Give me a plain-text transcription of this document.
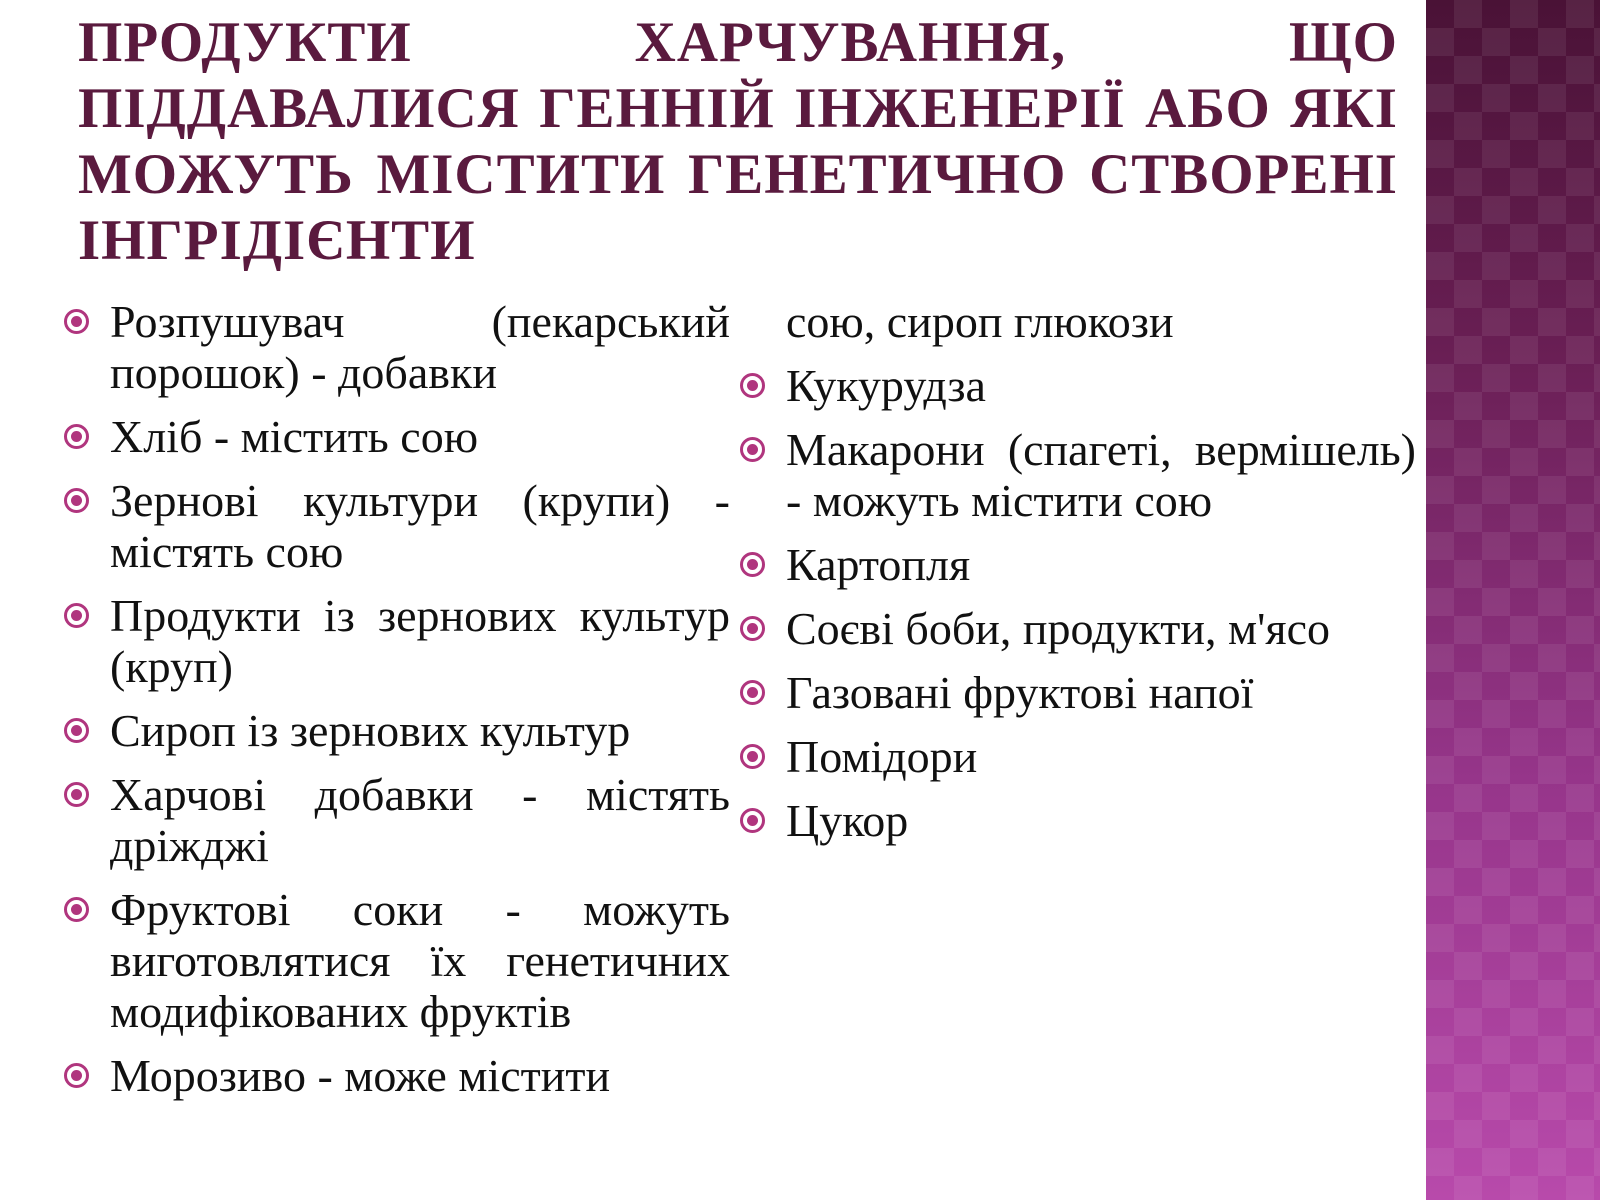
ПРОДУКТИ ХАРЧУВАННЯ, ЩО ПІДДАВАЛИСЯ ГЕННІЙ ІНЖЕНЕРІЇ АБО ЯКІ МОЖУТЬ МІСТИТИ ГЕНЕТИЧНО СТВОРЕНІ ІНГРІДІЄНТИ
Розпушувач (пекарський порошок) - добавки
Хліб - містить сою
Зернові культури (крупи) - містять сою
Продукти із зернових культур (круп)
Сироп із зернових культур
Харчові добавки - містять дріжджі
Фруктові соки - можуть виготовлятися їх генетичних модифікованих фруктів
Морозиво - може містити
сою, сироп глюкози
Кукурудза
Макарони (спагеті, вермішель) - можуть містити сою
Картопля
Соєві боби, продукти, м'ясо
Газовані фруктові напої
Помідори
Цукор
